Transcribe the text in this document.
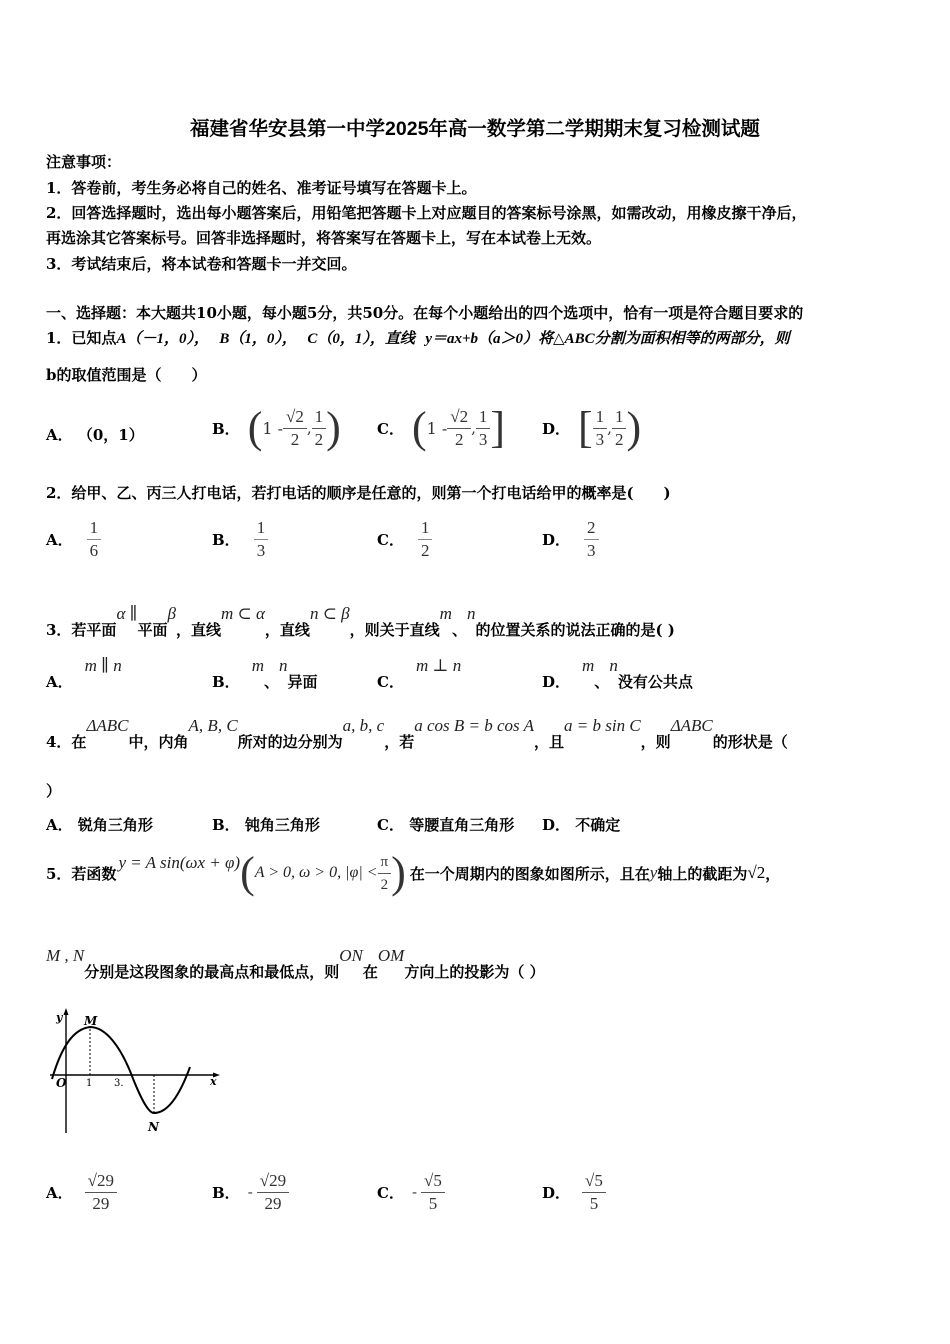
福建省华安县第一中学2025年高一数学第二学期期末复习检测试题
注意事项：
1．答卷前，考生务必将自己的姓名、准考证号填写在答题卡上。
2．回答选择题时，选出每小题答案后，用铅笔把答题卡上对应题目的答案标号涂黑，如需改动，用橡皮擦干净后，
再选涂其它答案标号。回答非选择题时，将答案写在答题卡上，写在本试卷上无效。
3．考试结束后，将本试卷和答题卡一并交回。
一、选择题：本大题共10小题，每小题5分，共50分。在每个小题给出的四个选项中，恰有一项是符合题目要求的
1．已知点A（－1，0）， B（1，0）， C（0，1），直线 y＝ax+b（a＞0）将△ABC分割为面积相等的两部分，则
b的取值范围是（　　）
A． （0，1）	B． ( $1 - \frac{√2}{2}$ , $\frac{1}{2}$ ) C． ( $1 - \frac{√2}{2}$ , $\frac{1}{3}$ ] D． [ $\frac{1}{3}$ , $\frac{1}{2}$ )
2．给甲、乙、丙三人打电话，若打电话的顺序是任意的，则第一个打电话给甲的概率是(　　)
A． $\frac{1}{6}$	B． $\frac{1}{3}$	C． $\frac{1}{2}$	D． $\frac{2}{3}$
3．若平面
α ∥
平面
β
，直线
m ⊂ α
，直线
n ⊂ β
，则关于直线
m
、
n
的位置关系的说法正确的是( )
A．
m ∥ n
B．
m
、
n
异面	C．
m ⊥ n
D．
m
、
n
没有公共点
4．在
ΔABC
中，内角
A, B, C
所对的边分别为
a, b, c
，若
a cos B = b cos A
，且
a = b sin C
，则
ΔABC
的形状是（
）
A． 锐角三角形	B． 钝角三角形	C． 等腰直角三角形 D． 不确定
5．若函数
y = A sin(ωx + φ) ( A > 0, ω > 0, $|\varphi| < \frac{\pi}{2}$ ) 在一个周期内的图象如图所示，且在 y 轴上的截距为 √2 ，
M , N
分别是这段图象的最高点和最低点，则
ON
在
OM
方向上的投影为（ ）
y
x
O 1 3.
M
N
A． $\frac{√29}{29}$	B． - $\frac{√29}{29}$	C． - $\frac{√5}{5}$	D． $\frac{√5}{5}$
